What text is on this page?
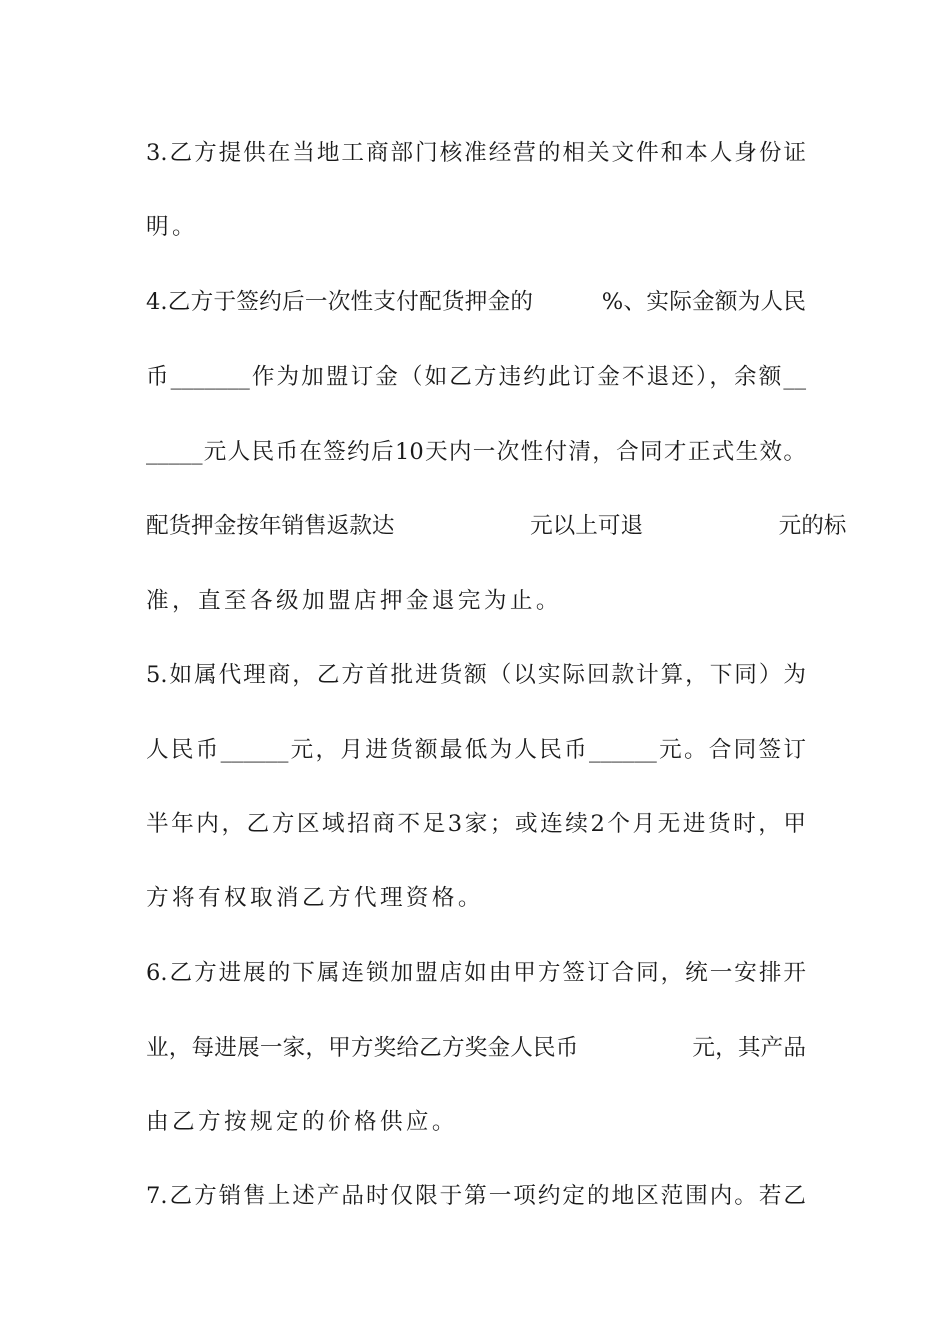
3.乙方提供在当地工商部门核准经营的相关文件和本人身份证
明。
4.乙方于签约后一次性支付配货押金的　　　%、实际金额为人民
币_______作为加盟订金（如乙方违约此订金不退还），余额__
_____元人民币在签约后10天内一次性付清，合同才正式生效。
配货押金按年销售返款达　　　　　　元以上可退　　　　　　元的标
准，直至各级加盟店押金退完为止。
5.如属代理商，乙方首批进货额（以实际回款计算，下同）为
人民币______元，月进货额最低为人民币______元。合同签订
半年内，乙方区域招商不足3家；或连续2个月无进货时，甲
方将有权取消乙方代理资格。
6.乙方进展的下属连锁加盟店如由甲方签订合同，统一安排开
业，每进展一家，甲方奖给乙方奖金人民币　　　　　元，其产品
由乙方按规定的价格供应。
7.乙方销售上述产品时仅限于第一项约定的地区范围内。若乙
